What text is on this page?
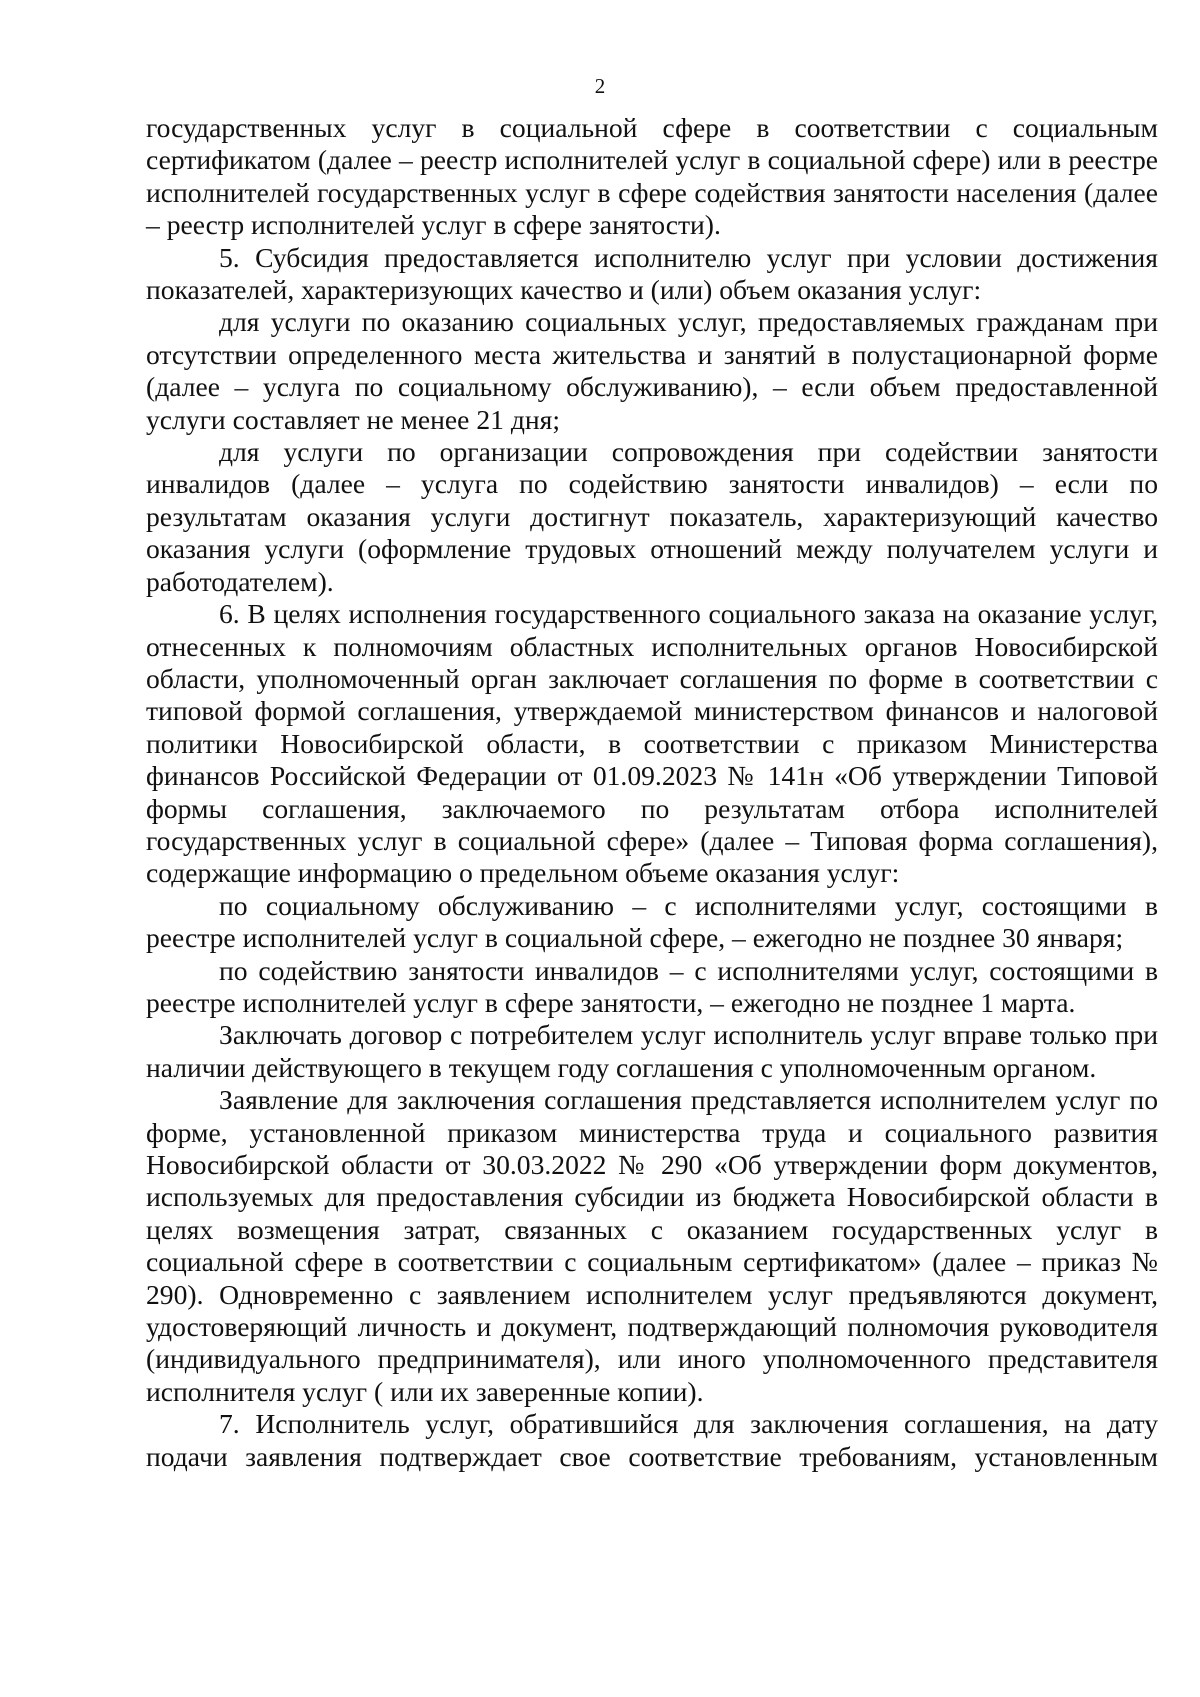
2

государственных услуг в социальной сфере в соответствии с социальным сертификатом (далее – реестр исполнителей услуг в социальной сфере) или в реестре исполнителей государственных услуг в сфере содействия занятости населения (далее – реестр исполнителей услуг в сфере занятости).

5. Субсидия предоставляется исполнителю услуг при условии достижения показателей, характеризующих качество и (или) объем оказания услуг:

для услуги по оказанию социальных услуг, предоставляемых гражданам при отсутствии определенного места жительства и занятий в полустационарной форме (далее – услуга по социальному обслуживанию), – если объем предоставленной услуги составляет не менее 21 дня;

для услуги по организации сопровождения при содействии занятости инвалидов (далее – услуга по содействию занятости инвалидов) – если по результатам оказания услуги достигнут показатель, характеризующий качество оказания услуги (оформление трудовых отношений между получателем услуги и работодателем).

6. В целях исполнения государственного социального заказа на оказание услуг, отнесенных к полномочиям областных исполнительных органов Новосибирской области, уполномоченный орган заключает соглашения по форме в соответствии с типовой формой соглашения, утверждаемой министерством финансов и налоговой политики Новосибирской области, в соответствии с приказом Министерства финансов Российской Федерации от 01.09.2023 № 141н «Об утверждении Типовой формы соглашения, заключаемого по результатам отбора исполнителей государственных услуг в социальной сфере» (далее – Типовая форма соглашения), содержащие информацию о предельном объеме оказания услуг:

по социальному обслуживанию – с исполнителями услуг, состоящими в реестре исполнителей услуг в социальной сфере, – ежегодно не позднее 30 января;

по содействию занятости инвалидов – с исполнителями услуг, состоящими в реестре исполнителей услуг в сфере занятости, – ежегодно не позднее 1 марта.

Заключать договор с потребителем услуг исполнитель услуг вправе только при наличии действующего в текущем году соглашения с уполномоченным органом.

Заявление для заключения соглашения представляется исполнителем услуг по форме, установленной приказом министерства труда и социального развития Новосибирской области от 30.03.2022 № 290 «Об утверждении форм документов, используемых для предоставления субсидии из бюджета Новосибирской области в целях возмещения затрат, связанных с оказанием государственных услуг в социальной сфере в соответствии с социальным сертификатом» (далее – приказ № 290). Одновременно с заявлением исполнителем услуг предъявляются документ, удостоверяющий личность и документ, подтверждающий полномочия руководителя (индивидуального предпринимателя), или иного уполномоченного представителя исполнителя услуг ( или их заверенные копии).

7. Исполнитель услуг, обратившийся для заключения соглашения, на дату подачи заявления подтверждает свое соответствие требованиям, установленным
